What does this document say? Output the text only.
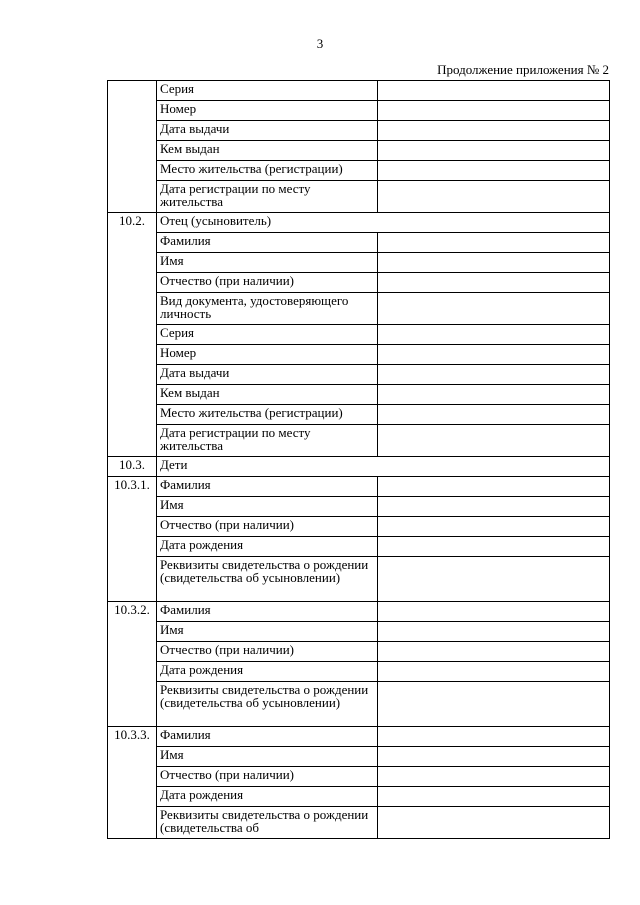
3
Продолжение приложения № 2
	Серия	
	Номер	
	Дата выдачи	
	Кем выдан	
	Место жительства (регистрации)	
	Дата регистрации по месту жительства	
10.2.	Отец (усыновитель)	
	Фамилия	
	Имя	
	Отчество (при наличии)	
	Вид документа, удостоверяющего личность	
	Серия	
	Номер	
	Дата выдачи	
	Кем выдан	
	Место жительства (регистрации)	
	Дата регистрации по месту жительства	
10.3.	Дети	
10.3.1.	Фамилия	
	Имя	
	Отчество (при наличии)	
	Дата рождения	
	Реквизиты свидетельства о рождении (свидетельства об усыновлении)	
10.3.2.	Фамилия	
	Имя	
	Отчество (при наличии)	
	Дата рождения	
	Реквизиты свидетельства о рождении (свидетельства об усыновлении)	
10.3.3.	Фамилия	
	Имя	
	Отчество (при наличии)	
	Дата рождения	
	Реквизиты свидетельства о рождении (свидетельства об	
